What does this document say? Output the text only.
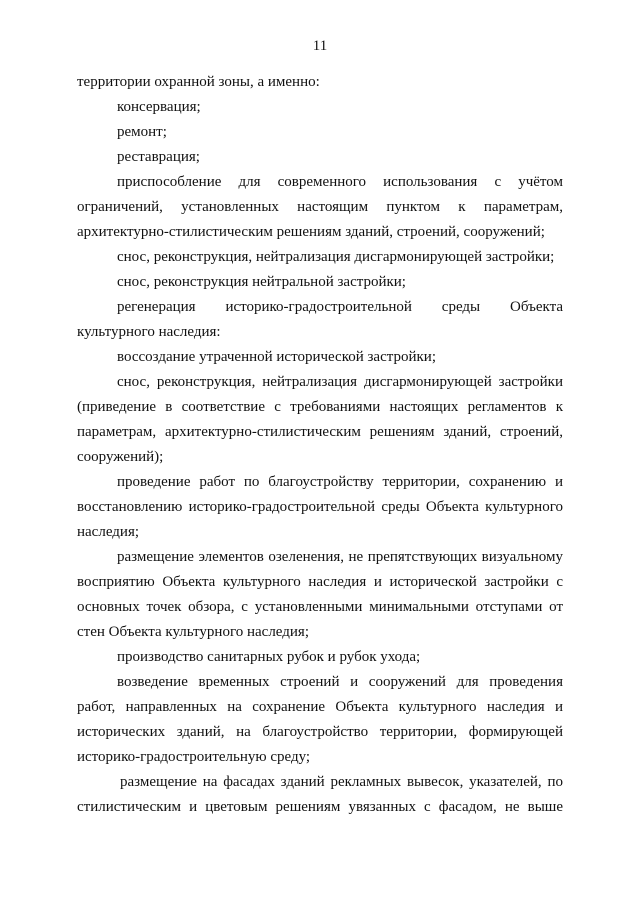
11
территории охранной зоны, а именно:
консервация;
ремонт;
реставрация;
приспособление для современного использования с учётом
ограничений, установленных настоящим пунктом к параметрам,
архитектурно-стилистическим решениям зданий, строений, сооружений;
снос, реконструкция, нейтрализация дисгармонирующей застройки;
снос, реконструкция нейтральной застройки;
регенерация историко-градостроительной среды Объекта
культурного наследия:
воссоздание утраченной исторической застройки;
снос, реконструкция, нейтрализация дисгармонирующей застройки
(приведение в соответствие с требованиями настоящих регламентов к
параметрам, архитектурно-стилистическим решениям зданий, строений,
сооружений);
проведение работ по благоустройству территории, сохранению и
восстановлению историко-градостроительной среды Объекта культурного
наследия;
размещение элементов озеленения, не препятствующих визуальному
восприятию Объекта культурного наследия и исторической застройки с
основных точек обзора, с установленными минимальными отступами от
стен Объекта культурного наследия;
производство санитарных рубок и рубок ухода;
возведение временных строений и сооружений для проведения
работ, направленных на сохранение Объекта культурного наследия и
исторических зданий, на благоустройство территории, формирующей
историко-градостроительную среду;
размещение на фасадах зданий рекламных вывесок, указателей, по
стилистическим и цветовым решениям увязанных с фасадом, не выше
